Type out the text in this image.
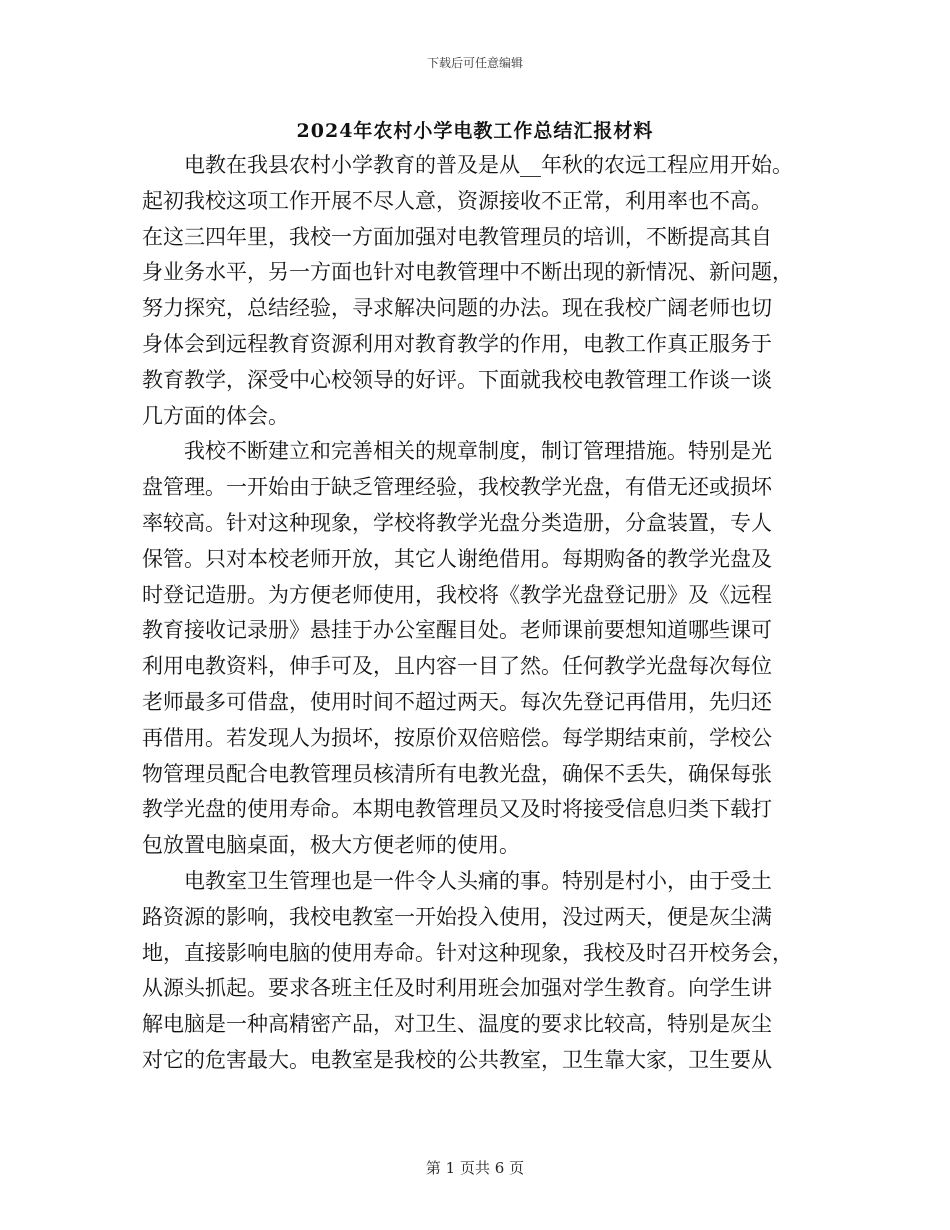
下载后可任意编辑
2024年农村小学电教工作总结汇报材料
　　电教在我县农村小学教育的普及是从__年秋的农远工程应用开始。
起初我校这项工作开展不尽人意，资源接收不正常，利用率也不高。
在这三四年里，我校一方面加强对电教管理员的培训，不断提高其自
身业务水平，另一方面也针对电教管理中不断出现的新情况、新问题，
努力探究，总结经验，寻求解决问题的办法。现在我校广阔老师也切
身体会到远程教育资源利用对教育教学的作用，电教工作真正服务于
教育教学，深受中心校领导的好评。下面就我校电教管理工作谈一谈
几方面的体会。
　　我校不断建立和完善相关的规章制度，制订管理措施。特别是光
盘管理。一开始由于缺乏管理经验，我校教学光盘，有借无还或损坏
率较高。针对这种现象，学校将教学光盘分类造册，分盒装置，专人
保管。只对本校老师开放，其它人谢绝借用。每期购备的教学光盘及
时登记造册。为方便老师使用，我校将《教学光盘登记册》及《远程
教育接收记录册》悬挂于办公室醒目处。老师课前要想知道哪些课可
利用电教资料，伸手可及，且内容一目了然。任何教学光盘每次每位
老师最多可借盘，使用时间不超过两天。每次先登记再借用，先归还
再借用。若发现人为损坏，按原价双倍赔偿。每学期结束前，学校公
物管理员配合电教管理员核清所有电教光盘，确保不丢失，确保每张
教学光盘的使用寿命。本期电教管理员又及时将接受信息归类下载打
包放置电脑桌面，极大方便老师的使用。
　　电教室卫生管理也是一件令人头痛的事。特别是村小，由于受土
路资源的影响，我校电教室一开始投入使用，没过两天，便是灰尘满
地，直接影响电脑的使用寿命。针对这种现象，我校及时召开校务会，
从源头抓起。要求各班主任及时利用班会加强对学生教育。向学生讲
解电脑是一种高精密产品，对卫生、温度的要求比较高，特别是灰尘
对它的危害最大。电教室是我校的公共教室，卫生靠大家，卫生要从
第 1 页共 6 页
